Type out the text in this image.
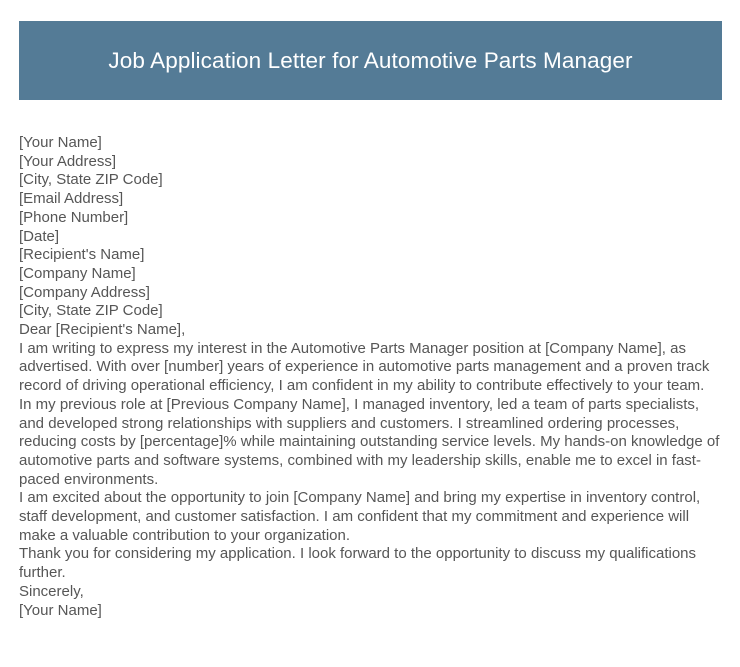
Job Application Letter for Automotive Parts Manager
[Your Name]
[Your Address]
[City, State ZIP Code]
[Email Address]
[Phone Number]
[Date]
[Recipient's Name]
[Company Name]
[Company Address]
[City, State ZIP Code]
Dear [Recipient's Name],

I am writing to express my interest in the Automotive Parts Manager position at [Company Name], as advertised. With over [number] years of experience in automotive parts management and a proven track record of driving operational efficiency, I am confident in my ability to contribute effectively to your team.

In my previous role at [Previous Company Name], I managed inventory, led a team of parts specialists, and developed strong relationships with suppliers and customers. I streamlined ordering processes, reducing costs by [percentage]% while maintaining outstanding service levels. My hands-on knowledge of automotive parts and software systems, combined with my leadership skills, enable me to excel in fast-paced environments.

I am excited about the opportunity to join [Company Name] and bring my expertise in inventory control, staff development, and customer satisfaction. I am confident that my commitment and experience will make a valuable contribution to your organization.

Thank you for considering my application. I look forward to the opportunity to discuss my qualifications further.

Sincerely,
[Your Name]
